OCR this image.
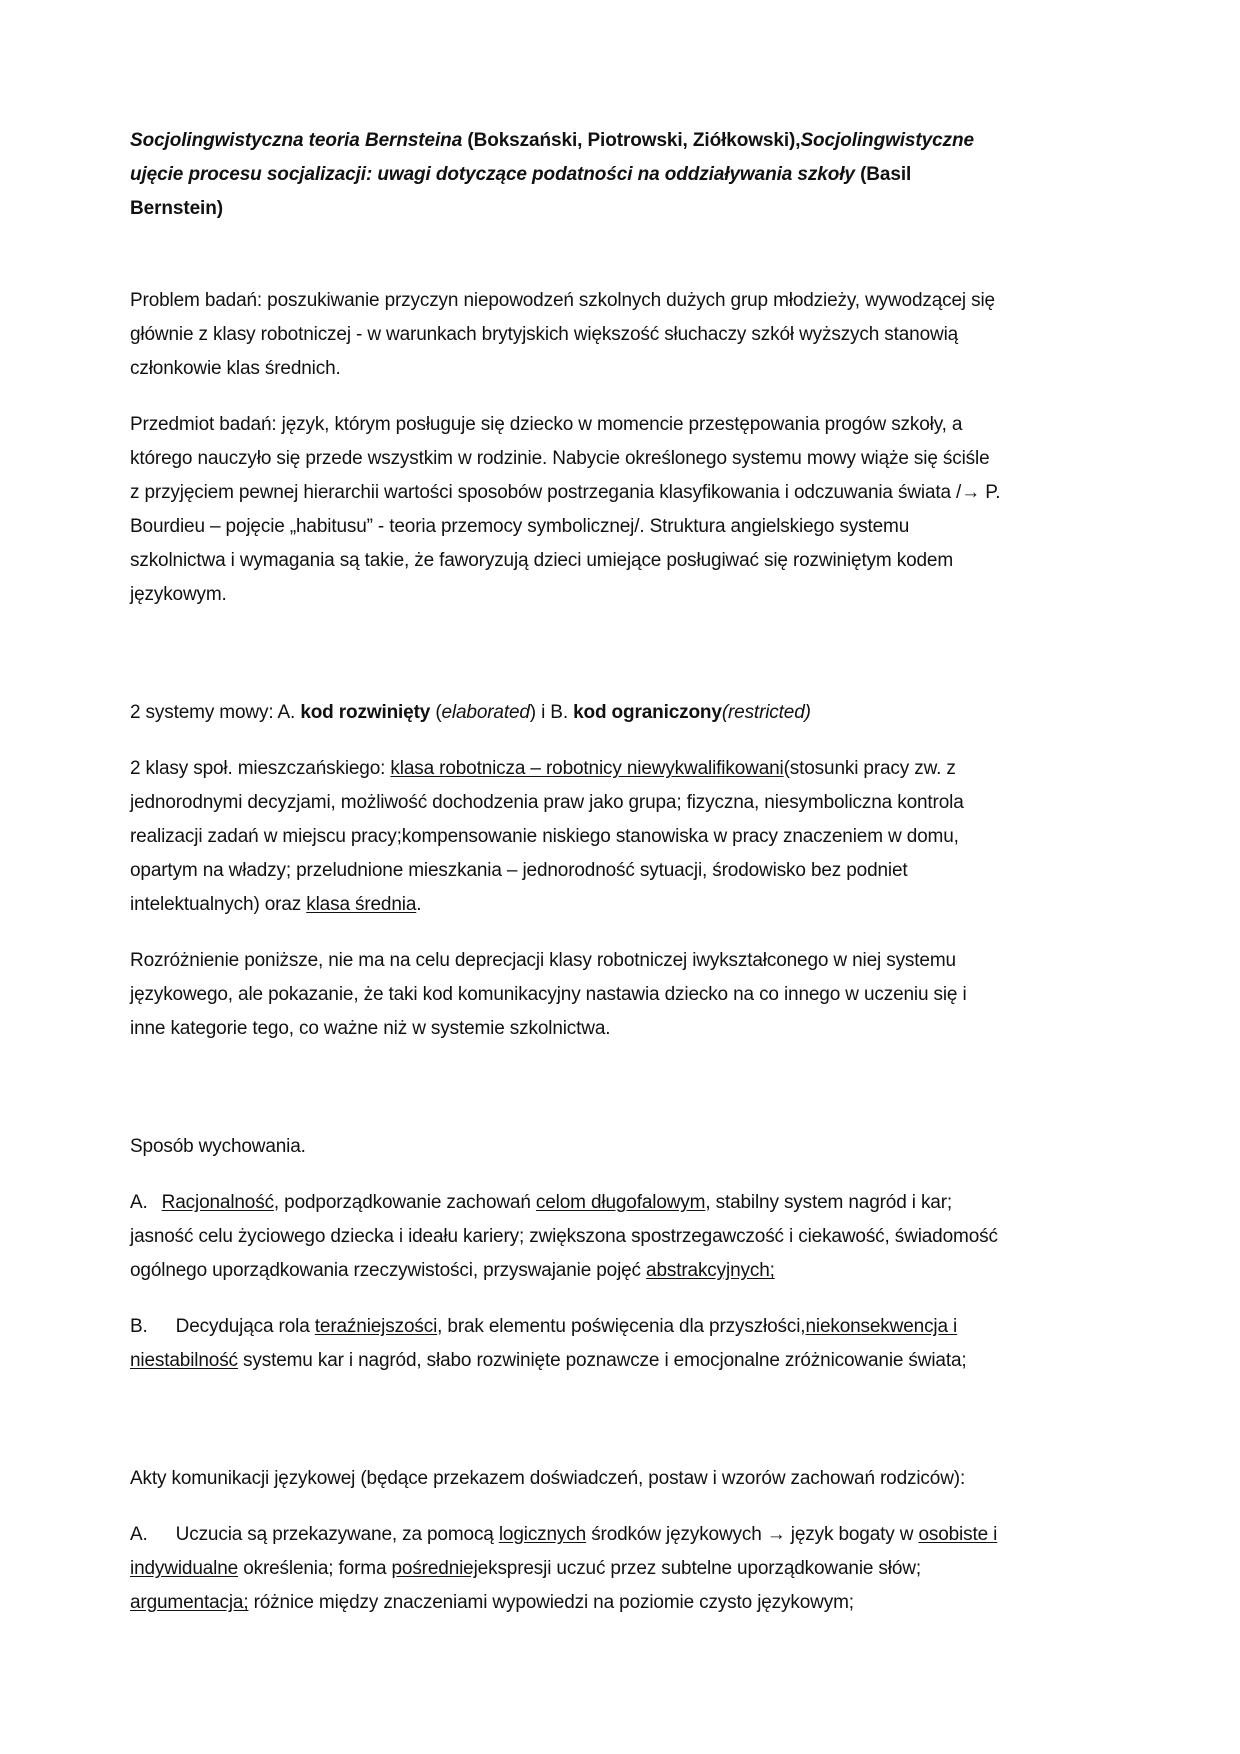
Socjolingwistyczna teoria Bernsteina (Bokszański, Piotrowski, Ziółkowski),Socjolingwistyczne ujęcie procesu socjalizacji: uwagi dotyczące podatności na oddziaływania szkoły (Basil Bernstein)

Problem badań: poszukiwanie przyczyn niepowodzeń szkolnych dużych grup młodzieży, wywodzącej się głównie z klasy robotniczej - w warunkach brytyjskich większość słuchaczy szkół wyższych stanowią członkowie klas średnich.

Przedmiot badań: język, którym posługuje się dziecko w momencie przestępowania progów szkoły, a którego nauczyło się przede wszystkim w rodzinie. Nabycie określonego systemu mowy wiąże się ściśle z przyjęciem pewnej hierarchii wartości sposobów postrzegania klasyfikowania i odczuwania świata /→ P. Bourdieu – pojęcie „habitusu” - teoria przemocy symbolicznej/. Struktura angielskiego systemu szkolnictwa i wymagania są takie, że faworyzują dzieci umiejące posługiwać się rozwiniętym kodem językowym.

2 systemy mowy: A. kod rozwinięty (elaborated) i B. kod ograniczony(restricted)

2 klasy społ. mieszczańskiego: klasa robotnicza – robotnicy niewykwalifikowani(stosunki pracy zw. z jednorodnymi decyzjami, możliwość dochodzenia praw jako grupa; fizyczna, niesymboliczna kontrola realizacji zadań w miejscu pracy;kompensowanie niskiego stanowiska w pracy znaczeniem w domu, opartym na władzy; przeludnione mieszkania – jednorodność sytuacji, środowisko bez podniet intelektualnych) oraz klasa średnia.

Rozróżnienie poniższe, nie ma na celu deprecjacji klasy robotniczej iwykształconego w niej systemu językowego, ale pokazanie, że taki kod komunikacyjny nastawia dziecko na co innego w uczeniu się i inne kategorie tego, co ważne niż w systemie szkolnictwa.

Sposób wychowania.

A. Racjonalność, podporządkowanie zachowań celom długofalowym, stabilny system nagród i kar; jasność celu życiowego dziecka i ideału kariery; zwiększona spostrzegawczość i ciekawość, świadomość ogólnego uporządkowania rzeczywistości, przyswajanie pojęć abstrakcyjnych;

B. Decydująca rola teraźniejszości, brak elementu poświęcenia dla przyszłości,niekonsekwencja i niestabilność systemu kar i nagród, słabo rozwinięte poznawcze i emocjonalne zróżnicowanie świata;

Akty komunikacji językowej (będące przekazem doświadczeń, postaw i wzorów zachowań rodziców):

A. Uczucia są przekazywane, za pomocą logicznych środków językowych → język bogaty w osobiste i indywidualne określenia; forma pośredniejekspresji uczuć przez subtelne uporządkowanie słów; argumentacja; różnice między znaczeniami wypowiedzi na poziomie czysto językowym;
